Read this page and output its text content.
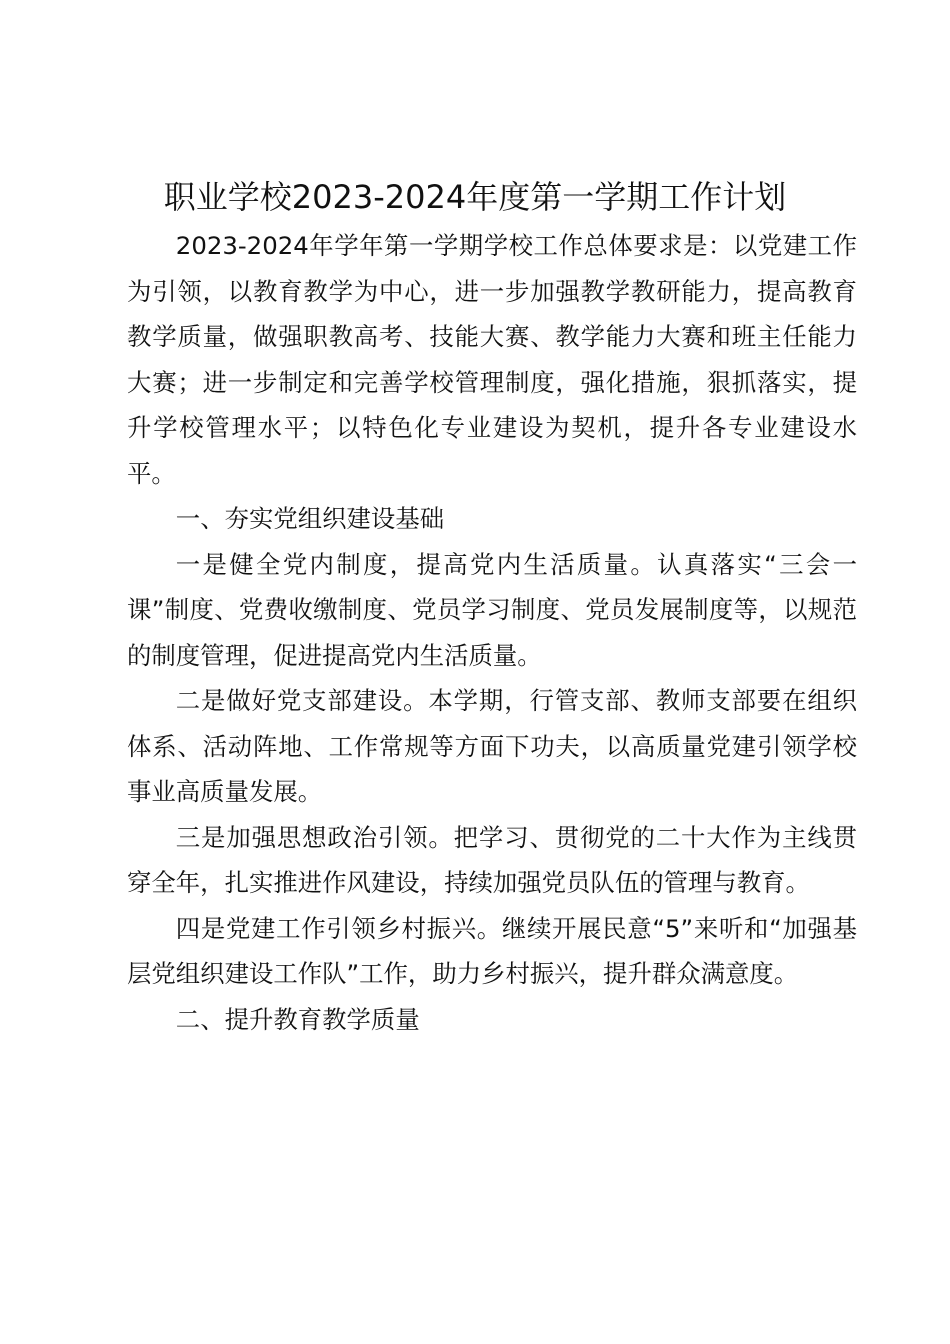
职业学校2023-2024年度第一学期工作计划

2023-2024年学年第一学期学校工作总体要求是：以党建工作为引领，以教育教学为中心，进一步加强教学教研能力，提高教育教学质量，做强职教高考、技能大赛、教学能力大赛和班主任能力大赛；进一步制定和完善学校管理制度，强化措施，狠抓落实，提升学校管理水平；以特色化专业建设为契机，提升各专业建设水平。

一、夯实党组织建设基础

一是健全党内制度，提高党内生活质量。认真落实“三会一课”制度、党费收缴制度、党员学习制度、党员发展制度等，以规范的制度管理，促进提高党内生活质量。

二是做好党支部建设。本学期，行管支部、教师支部要在组织体系、活动阵地、工作常规等方面下功夫，以高质量党建引领学校事业高质量发展。

三是加强思想政治引领。把学习、贯彻党的二十大作为主线贯穿全年，扎实推进作风建设，持续加强党员队伍的管理与教育。

四是党建工作引领乡村振兴。继续开展民意“5”来听和“加强基层党组织建设工作队”工作，助力乡村振兴，提升群众满意度。

二、提升教育教学质量
